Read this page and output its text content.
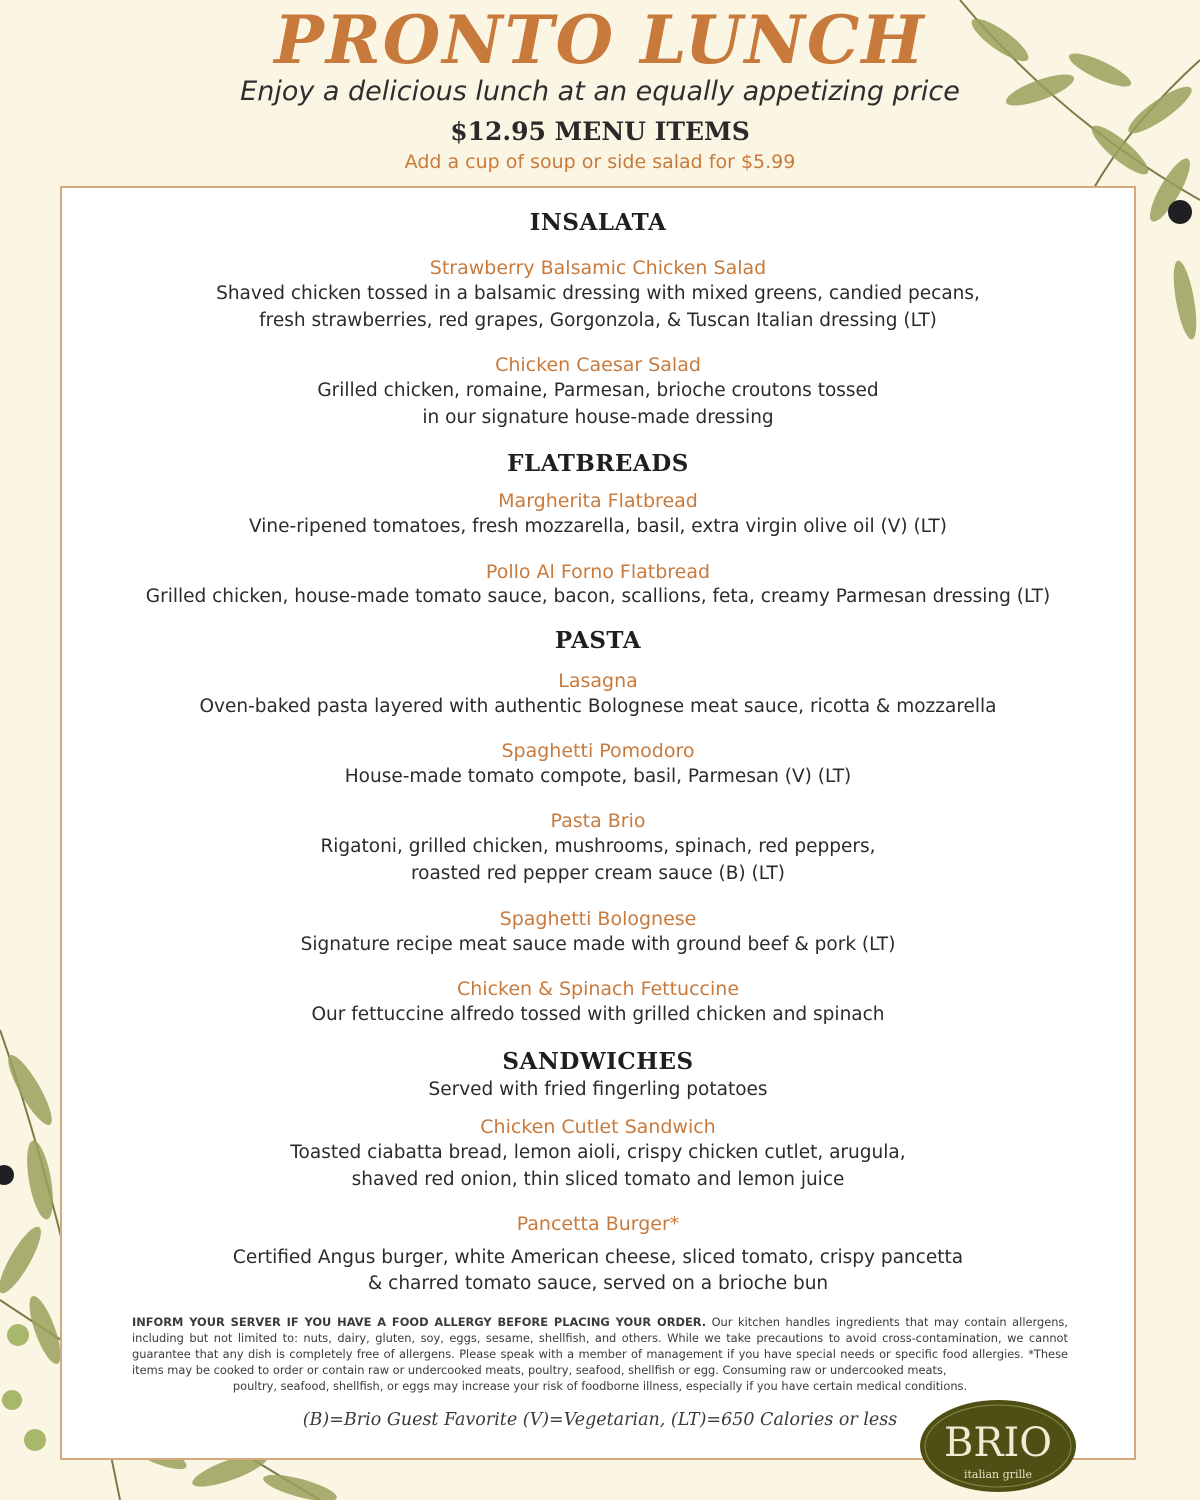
PRONTO LUNCH
Enjoy a delicious lunch at an equally appetizing price
$12.95 MENU ITEMS
Add a cup of soup or side salad for $5.99
INSALATA
Strawberry Balsamic Chicken Salad
Shaved chicken tossed in a balsamic dressing with mixed greens, candied pecans,
fresh strawberries, red grapes, Gorgonzola, & Tuscan Italian dressing (LT)
Chicken Caesar Salad
Grilled chicken, romaine, Parmesan, brioche croutons tossed
in our signature house-made dressing
FLATBREADS
Margherita Flatbread
Vine-ripened tomatoes, fresh mozzarella, basil, extra virgin olive oil (V) (LT)
Pollo Al Forno Flatbread
Grilled chicken, house-made tomato sauce, bacon, scallions, feta, creamy Parmesan dressing (LT)
PASTA
Lasagna
Oven-baked pasta layered with authentic Bolognese meat sauce, ricotta & mozzarella
Spaghetti Pomodoro
House-made tomato compote, basil, Parmesan (V) (LT)
Pasta Brio
Rigatoni, grilled chicken, mushrooms, spinach, red peppers,
roasted red pepper cream sauce (B) (LT)
Spaghetti Bolognese
Signature recipe meat sauce made with ground beef & pork (LT)
Chicken & Spinach Fettuccine
Our fettuccine alfredo tossed with grilled chicken and spinach
SANDWICHES
Served with fried fingerling potatoes
Chicken Cutlet Sandwich
Toasted ciabatta bread, lemon aioli, crispy chicken cutlet, arugula,
shaved red onion, thin sliced tomato and lemon juice
Pancetta Burger*
Certified Angus burger, white American cheese, sliced tomato, crispy pancetta
& charred tomato sauce, served on a brioche bun
INFORM YOUR SERVER IF YOU HAVE A FOOD ALLERGY BEFORE PLACING YOUR ORDER. Our kitchen handles ingredients that may contain allergens, including but not limited to: nuts, dairy, gluten, soy, eggs, sesame, shellfish, and others. While we take precautions to avoid cross-contamination, we cannot guarantee that any dish is completely free of allergens. Please speak with a member of management if you have special needs or specific food allergies. *These items may be cooked to order or contain raw or undercooked meats, poultry, seafood, shellfish or egg. Consuming raw or undercooked meats,
poultry, seafood, shellfish, or eggs may increase your risk of foodborne illness, especially if you have certain medical conditions.
(B)=Brio Guest Favorite (V)=Vegetarian, (LT)=650 Calories or less	BRIO
italian grille
